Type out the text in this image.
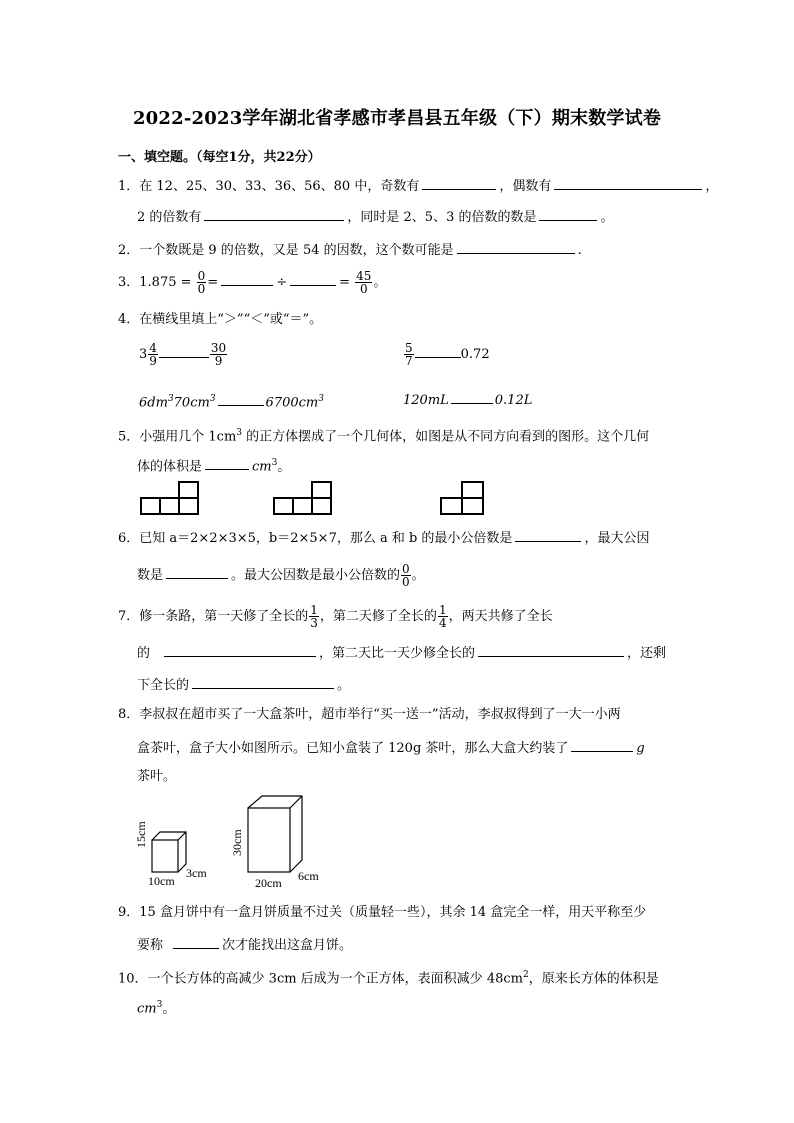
2022-2023学年湖北省孝感市孝昌县五年级（下）期末数学试卷
一、填空题。（每空1分，共22分）
1．在 12、25、30、33、36、56、80 中，奇数有	，偶数有	，
2 的倍数有	，同时是 2、5、3 的倍数的数是	。
2．一个数既是 9 的倍数，又是 54 的因数，这个数可能是	.
3．$1.875 = \frac{0}{0}$ =	÷	= $\frac{45}{0}$ 。
4．在横线里填上“＞”“＜”或“＝”。
$3 \frac{4}{9}$	$\frac{30}{9}$	$\frac{5}{7}$	0.72
$6dm^370cm^3$	$6700cm^3$	120mL	0.12L
5．小强用几个 $1cm^3$ 的正方体摆成了一个几何体，如图是从不同方向看到的图形。这个几何
体的体积是	$cm^3$。
6．已知 a＝2×2×3×5，b＝2×5×7，那么 a 和 b 的最小公倍数是	，最大公因
数是	。最大公因数是最小公倍数的 $\frac{0}{0}$ 。
7．修一条路，第一天修了全长的 $\frac{1}{3}$ ，第二天修了全长的 $\frac{1}{4}$ ，两天共修了全长
的	，第二天比一天少修全长的	，还剩
下全长的	。
8．李叔叔在超市买了一大盒茶叶，超市举行“买一送一”活动，李叔叔得到了一大一小两
盒茶叶，盒子大小如图所示。已知小盒装了 120g 茶叶，那么大盒大约装了	g
茶叶。
15cm
10cm
3cm
30cm
20cm 6cm
9．15 盒月饼中有一盒月饼质量不过关（质量轻一些），其余 14 盒完全一样，用天平称至少
要称	次才能找出这盒月饼。
10．一个长方体的高减少 3cm 后成为一个正方体，表面积减少 $48cm^2$，原来长方体的体积是
$cm^3$。
